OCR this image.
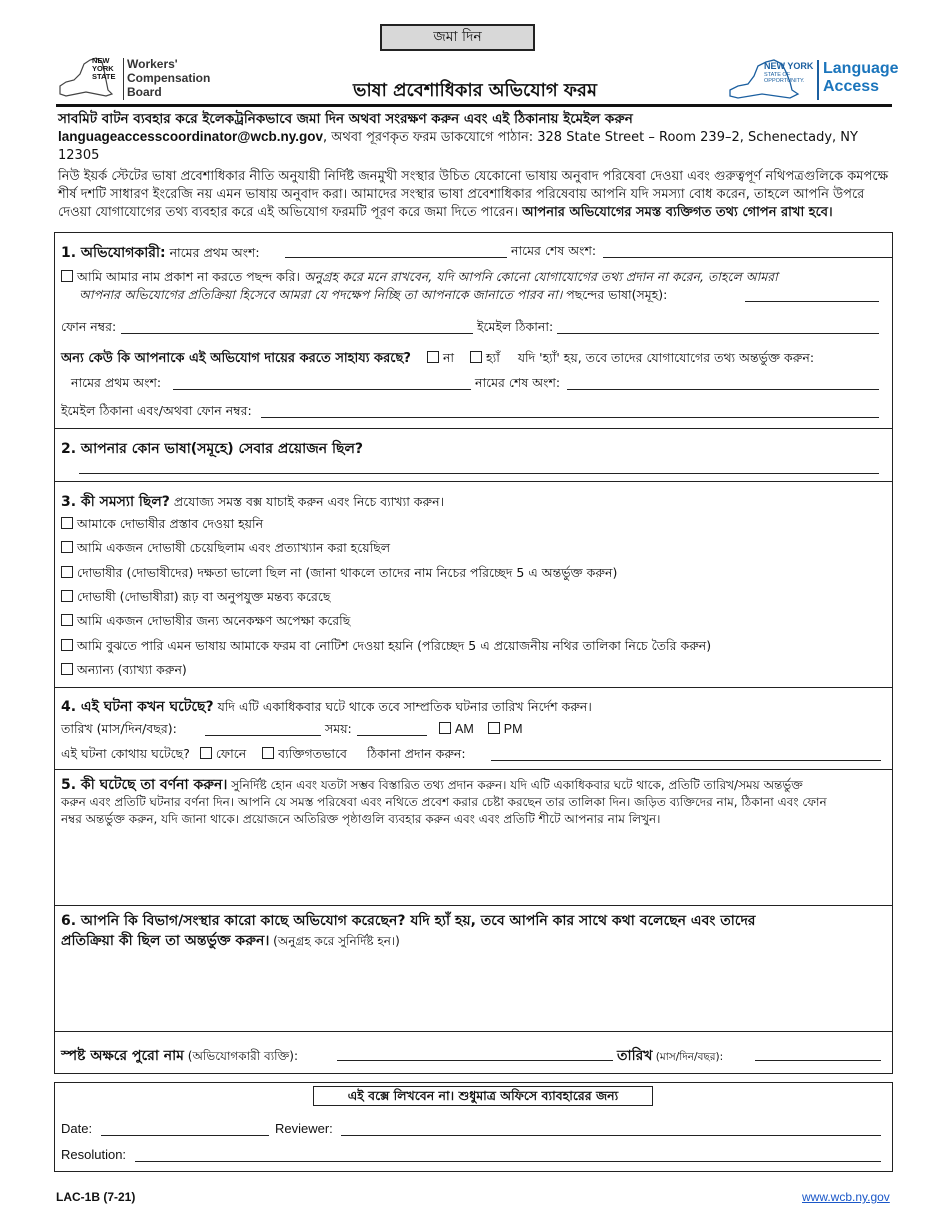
জমা দিন
NEW YORK STATE
Workers' Compensation Board	ভাষা প্রবেশাধিকার অভিযোগ ফরম
NEW YORK
STATE OF OPPORTUNITY.
Language Access
সাবমিট বাটন ব্যবহার করে ইলেকট্রনিকভাবে জমা দিন অথবা সংরক্ষণ করুন এবং এই ঠিকানায় ইমেইল করুন
languageaccesscoordinator@wcb.ny.gov, অথবা পূরণকৃত ফরম ডাকযোগে পাঠান: 328 State Street – Room 239–2, Schenectady, NY 12305
নিউ ইয়র্ক স্টেটের ভাষা প্রবেশাধিকার নীতি অনুযায়ী নির্দিষ্ট জনমুখী সংস্থার উচিত যেকোনো ভাষায় অনুবাদ পরিষেবা দেওয়া এবং গুরুত্বপূর্ণ নথিপত্রগুলিকে কমপক্ষে শীর্ষ দশটি সাধারণ ইংরেজি নয় এমন ভাষায় অনুবাদ করা। আমাদের সংস্থার ভাষা প্রবেশাধিকার পরিষেবায় আপনি যদি সমস্যা বোধ করেন, তাহলে আপনি উপরে দেওয়া যোগাযোগের তথ্য ব্যবহার করে এই অভিযোগ ফরমটি পূরণ করে জমা দিতে পারেন। আপনার অভিযোগের সমস্ত ব্যক্তিগত তথ্য গোপন রাখা হবে।
1. অভিযোগকারী: নামের প্রথম অংশ:	নামের শেষ অংশ:
আমি আমার নাম প্রকাশ না করতে পছন্দ করি। অনুগ্রহ করে মনে রাখবেন, যদি আপনি কোনো যোগাযোগের তথ্য প্রদান না করেন, তাহলে আমরা
আপনার অভিযোগের প্রতিক্রিয়া হিসেবে আমরা যে পদক্ষেপ নিচ্ছি তা আপনাকে জানাতে পারব না। পছন্দের ভাষা(সমূহ):
ফোন নম্বর:	ইমেইল ঠিকানা:
অন্য কেউ কি আপনাকে এই অভিযোগ দায়ের করতে সাহায্য করছে?	না	হ্যাঁ যদি 'হ্যাঁ' হয়, তবে তাদের যোগাযোগের তথ্য অন্তর্ভুক্ত করুন:
নামের প্রথম অংশ:	নামের শেষ অংশ:
ইমেইল ঠিকানা এবং/অথবা ফোন নম্বর:
2. আপনার কোন ভাষা(সমূহে) সেবার প্রয়োজন ছিল?
3. কী সমস্যা ছিল? প্রযোজ্য সমস্ত বক্স যাচাই করুন এবং নিচে ব্যাখ্যা করুন।
আমাকে দোভাষীর প্রস্তাব দেওয়া হয়নি
আমি একজন দোভাষী চেয়েছিলাম এবং প্রত্যাখ্যান করা হয়েছিল
দোভাষীর (দোভাষীদের) দক্ষতা ভালো ছিল না (জানা থাকলে তাদের নাম নিচের পরিচ্ছেদ 5 এ অন্তর্ভুক্ত করুন)
দোভাষী (দোভাষীরা) রূঢ় বা অনুপযুক্ত মন্তব্য করেছে
আমি একজন দোভাষীর জন্য অনেকক্ষণ অপেক্ষা করেছি
আমি বুঝতে পারি এমন ভাষায় আমাকে ফরম বা নোটিশ দেওয়া হয়নি (পরিচ্ছেদ 5 এ প্রয়োজনীয় নথির তালিকা নিচে তৈরি করুন)
অন্যান্য (ব্যাখ্যা করুন)
4. এই ঘটনা কখন ঘটেছে? যদি এটি একাধিকবার ঘটে থাকে তবে সাম্প্রতিক ঘটনার তারিখ নির্দেশ করুন।
তারিখ (মাস/দিন/বছর):	সময়:	AM PM
এই ঘটনা কোথায় ঘটেছে? ফোনে	ব্যক্তিগতভাবে ঠিকানা প্রদান করুন:
5. কী ঘটেছে তা বর্ণনা করুন। সুনির্দিষ্ট হোন এবং যতটা সম্ভব বিস্তারিত তথ্য প্রদান করুন। যদি এটি একাধিকবার ঘটে থাকে, প্রতিটি তারিখ/সময় অন্তর্ভুক্ত
করুন এবং প্রতিটি ঘটনার বর্ণনা দিন। আপনি যে সমস্ত পরিষেবা এবং নথিতে প্রবেশ করার চেষ্টা করছেন তার তালিকা দিন। জড়িত ব্যক্তিদের নাম, ঠিকানা এবং ফোন
নম্বর অন্তর্ভুক্ত করুন, যদি জানা থাকে। প্রয়োজনে অতিরিক্ত পৃষ্ঠাগুলি ব্যবহার করুন এবং এবং প্রতিটি শীটে আপনার নাম লিখুন।
6. আপনি কি বিভাগ/সংস্থার কারো কাছে অভিযোগ করেছেন? যদি হ্যাঁ হয়, তবে আপনি কার সাথে কথা বলেছেন এবং তাদের
প্রতিক্রিয়া কী ছিল তা অন্তর্ভুক্ত করুন। (অনুগ্রহ করে সুনির্দিষ্ট হন।)
স্পষ্ট অক্ষরে পুরো নাম (অভিযোগকারী ব্যক্তি):	তারিখ (মাস/দিন/বছর):
এই বক্সে লিখবেন না। শুধুমাত্র অফিসে ব্যাবহারের জন্য
Date:	Reviewer:
Resolution:
LAC-1B (7-21)	www.wcb.ny.gov
